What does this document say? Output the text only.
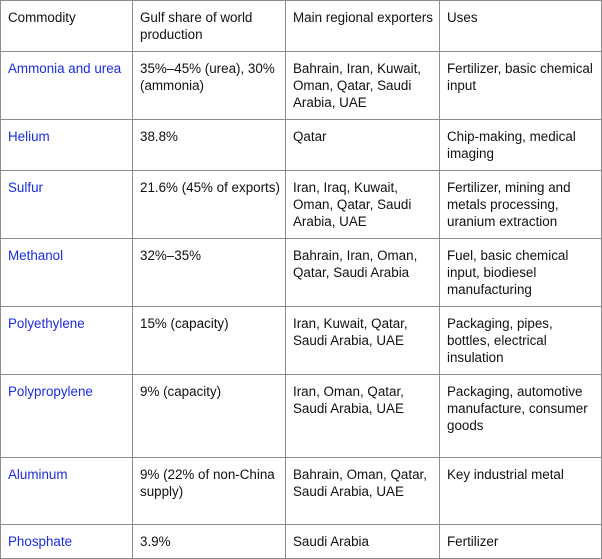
Commodity	Gulf share of world production	Main regional exporters	Uses
Ammonia and urea	35%–45% (urea), 30% (ammonia)	Bahrain, Iran, Kuwait, Oman, Qatar, Saudi Arabia, UAE	Fertilizer, basic chemical input
Helium	38.8%	Qatar	Chip-making, medical imaging
Sulfur	21.6% (45% of exports)	Iran, Iraq, Kuwait, Oman, Qatar, Saudi Arabia, UAE	Fertilizer, mining and metals processing, uranium extraction
Methanol	32%–35%	Bahrain, Iran, Oman, Qatar, Saudi Arabia	Fuel, basic chemical input, biodiesel manufacturing
Polyethylene	15% (capacity)	Iran, Kuwait, Qatar, Saudi Arabia, UAE	Packaging, pipes, bottles, electrical insulation
Polypropylene	9% (capacity)	Iran, Oman, Qatar, Saudi Arabia, UAE	Packaging, automotive manufacture, consumer goods
Aluminum	9% (22% of non-China supply)	Bahrain, Oman, Qatar, Saudi Arabia, UAE	Key industrial metal
Phosphate	3.9%	Saudi Arabia	Fertilizer
